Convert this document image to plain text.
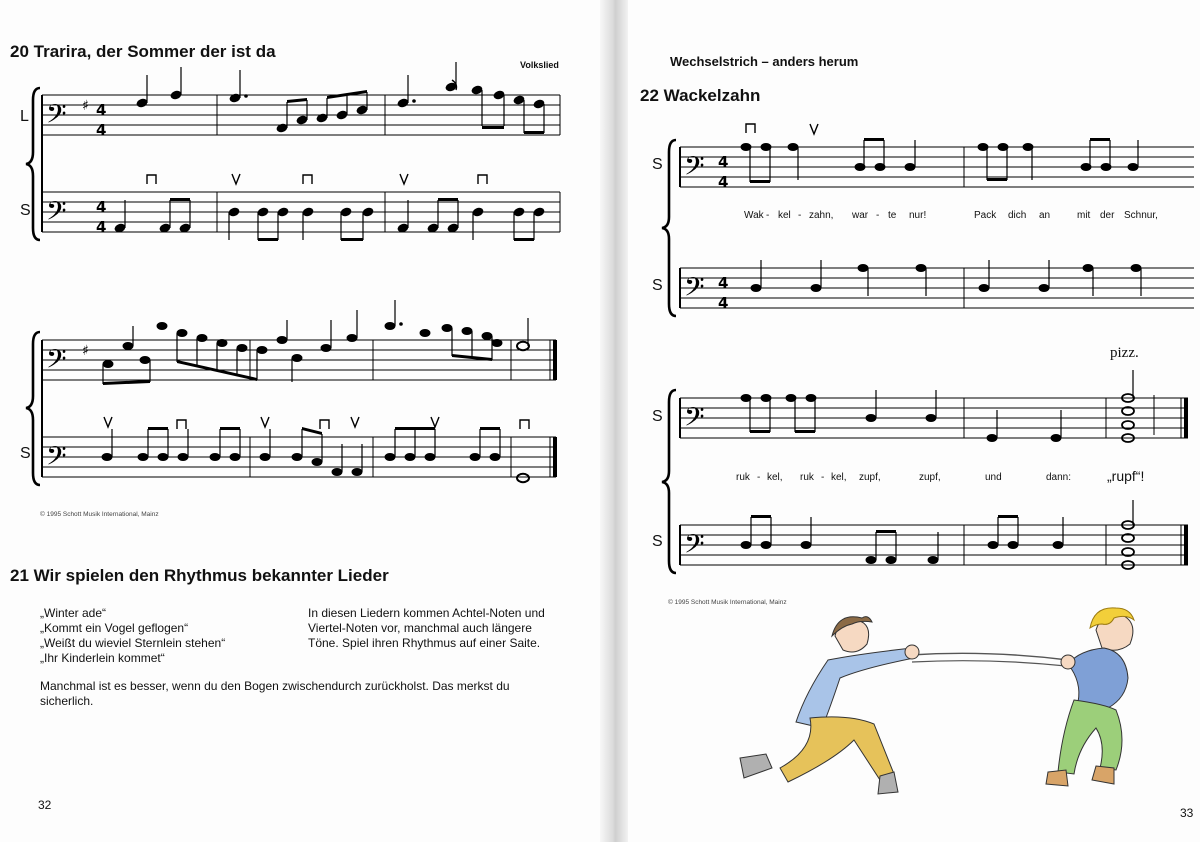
20 Trarira, der Sommer der ist da
Volkslied
L
S
S
𝄢
𝄢
♯ 4
4
4
4
𝄢
𝄢
♯
© 1995 Schott Musik International, Mainz
21 Wir spielen den Rhythmus bekannter Lieder
„Winter ade“
„Kommt ein Vogel geflogen“
„Weißt du wieviel Sternlein stehen“
„Ihr Kinderlein kommet“
In diesen Liedern kommen Achtel-Noten und
Viertel-Noten vor, manchmal auch längere
Töne. Spiel ihren Rhythmus auf einer Saite.
Manchmal ist es besser, wenn du den Bogen zwischendurch zurückholst. Das merkst du
sicherlich.
32
Wechselstrich – anders herum
22 Wackelzahn
S
S
S
S
𝄢
𝄢
𝄢
𝄢
4
4
4
4
Wak - kel - zahn, war - te nur!	Pack dich an	mit der Schnur,
ruk - kel, ruk - kel, zupf,	zupf,	und	dann:	„rupf“!
pizz.
© 1995 Schott Musik International, Mainz
33
